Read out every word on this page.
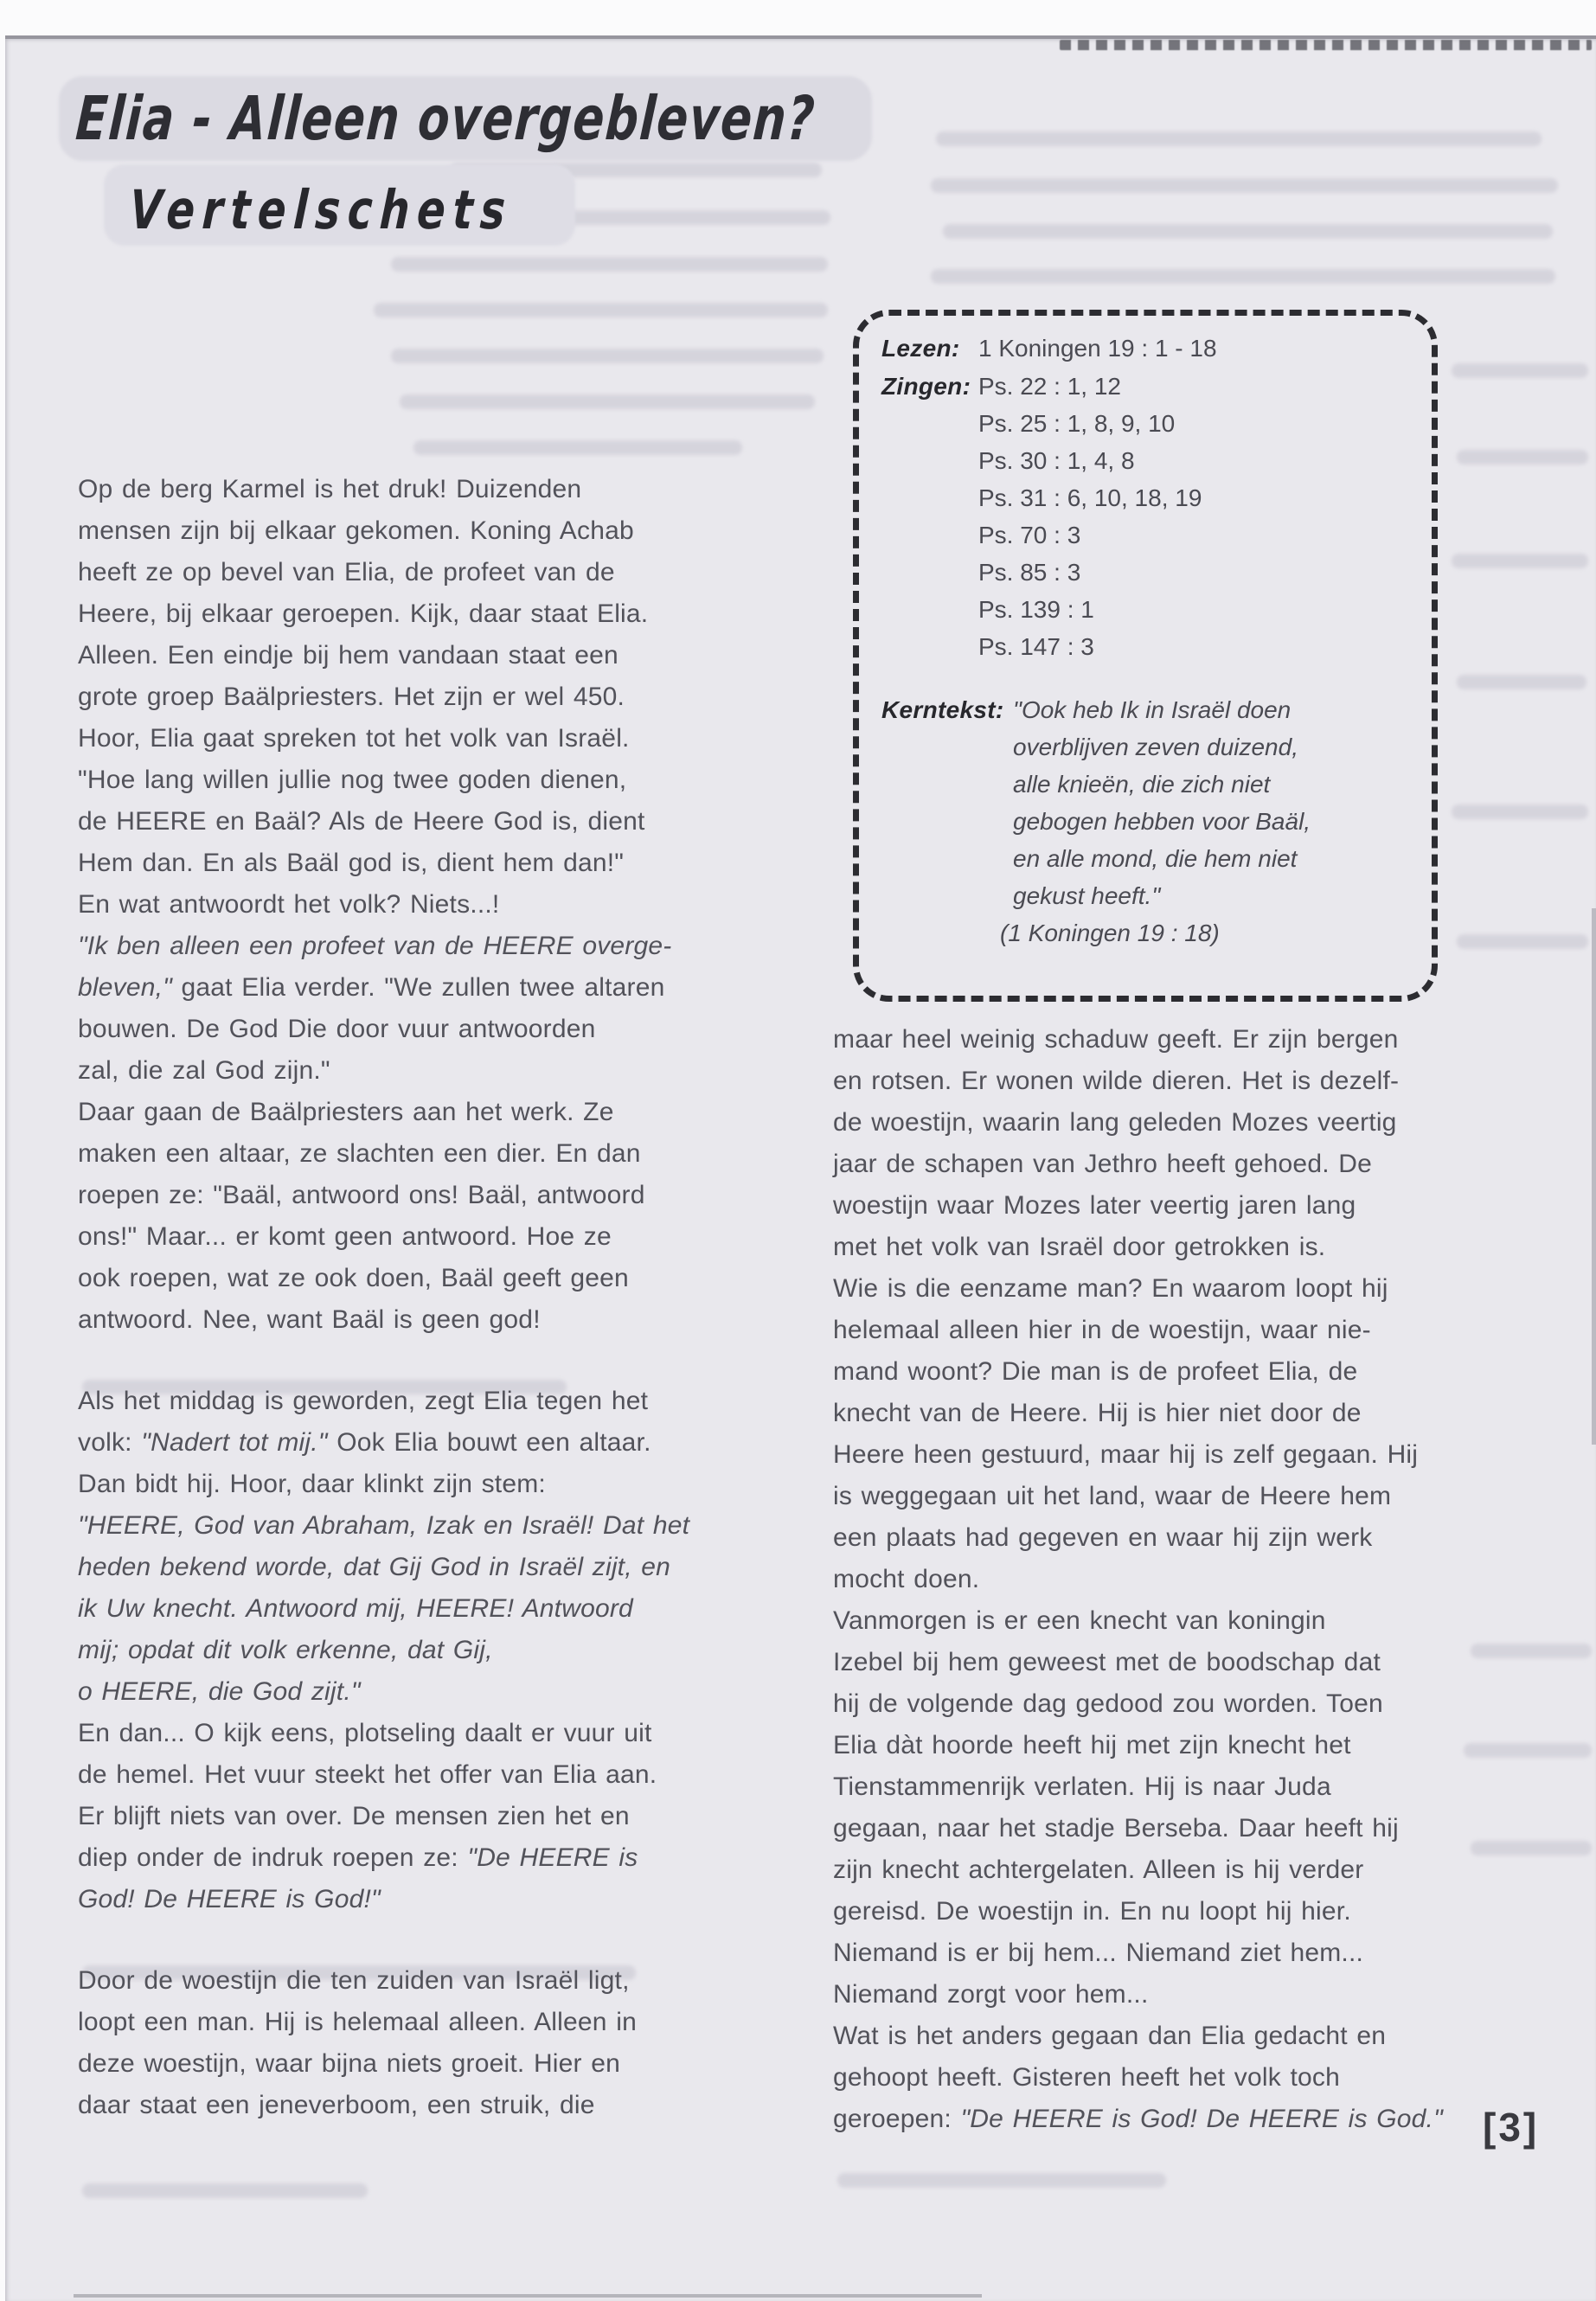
Elia - Alleen overgebleven?
Vertelschets
Lezen: 1 Koningen 19 : 1 - 18
Zingen: Ps. 22 : 1, 12
Ps. 25 : 1, 8, 9, 10
Ps. 30 : 1, 4, 8
Ps. 31 : 6, 10, 18, 19
Ps. 70 : 3
Ps. 85 : 3
Ps. 139 : 1
Ps. 147 : 3
Kerntekst: "Ook heb Ik in Israël doen
overblijven zeven duizend,
alle knieën, die zich niet
gebogen hebben voor Baäl,
en alle mond, die hem niet
gekust heeft."
(1 Koningen 19 : 18)
Op de berg Karmel is het druk! Duizenden
mensen zijn bij elkaar gekomen. Koning Achab
heeft ze op bevel van Elia, de profeet van de
Heere, bij elkaar geroepen. Kijk, daar staat Elia.
Alleen. Een eindje bij hem vandaan staat een
grote groep Baälpriesters. Het zijn er wel 450.
Hoor, Elia gaat spreken tot het volk van Israël.
"Hoe lang willen jullie nog twee goden dienen,
de HEERE en Baäl? Als de Heere God is, dient
Hem dan. En als Baäl god is, dient hem dan!"
En wat antwoordt het volk? Niets...!
"Ik ben alleen een profeet van de HEERE overge-
bleven," gaat Elia verder. "We zullen twee altaren
bouwen. De God Die door vuur antwoorden
zal, die zal God zijn."
Daar gaan de Baälpriesters aan het werk. Ze
maken een altaar, ze slachten een dier. En dan
roepen ze: "Baäl, antwoord ons! Baäl, antwoord
ons!" Maar... er komt geen antwoord. Hoe ze
ook roepen, wat ze ook doen, Baäl geeft geen
antwoord. Nee, want Baäl is geen god!
Als het middag is geworden, zegt Elia tegen het
volk: "Nadert tot mij." Ook Elia bouwt een altaar.
Dan bidt hij. Hoor, daar klinkt zijn stem:
"HEERE, God van Abraham, Izak en Israël! Dat het
heden bekend worde, dat Gij God in Israël zijt, en
ik Uw knecht. Antwoord mij, HEERE! Antwoord
mij; opdat dit volk erkenne, dat Gij,
o HEERE, die God zijt."
En dan... O kijk eens, plotseling daalt er vuur uit
de hemel. Het vuur steekt het offer van Elia aan.
Er blijft niets van over. De mensen zien het en
diep onder de indruk roepen ze: "De HEERE is
God! De HEERE is God!"
Door de woestijn die ten zuiden van Israël ligt,
loopt een man. Hij is helemaal alleen. Alleen in
deze woestijn, waar bijna niets groeit. Hier en
daar staat een jeneverboom, een struik, die
maar heel weinig schaduw geeft. Er zijn bergen
en rotsen. Er wonen wilde dieren. Het is dezelf-
de woestijn, waarin lang geleden Mozes veertig
jaar de schapen van Jethro heeft gehoed. De
woestijn waar Mozes later veertig jaren lang
met het volk van Israël door getrokken is.
Wie is die eenzame man? En waarom loopt hij
helemaal alleen hier in de woestijn, waar nie-
mand woont? Die man is de profeet Elia, de
knecht van de Heere. Hij is hier niet door de
Heere heen gestuurd, maar hij is zelf gegaan. Hij
is weggegaan uit het land, waar de Heere hem
een plaats had gegeven en waar hij zijn werk
mocht doen.
Vanmorgen is er een knecht van koningin
Izebel bij hem geweest met de boodschap dat
hij de volgende dag gedood zou worden. Toen
Elia dàt hoorde heeft hij met zijn knecht het
Tienstammenrijk verlaten. Hij is naar Juda
gegaan, naar het stadje Berseba. Daar heeft hij
zijn knecht achtergelaten. Alleen is hij verder
gereisd. De woestijn in. En nu loopt hij hier.
Niemand is er bij hem... Niemand ziet hem...
Niemand zorgt voor hem...
Wat is het anders gegaan dan Elia gedacht en
gehoopt heeft. Gisteren heeft het volk toch
geroepen: "De HEERE is God! De HEERE is God."	[3]
